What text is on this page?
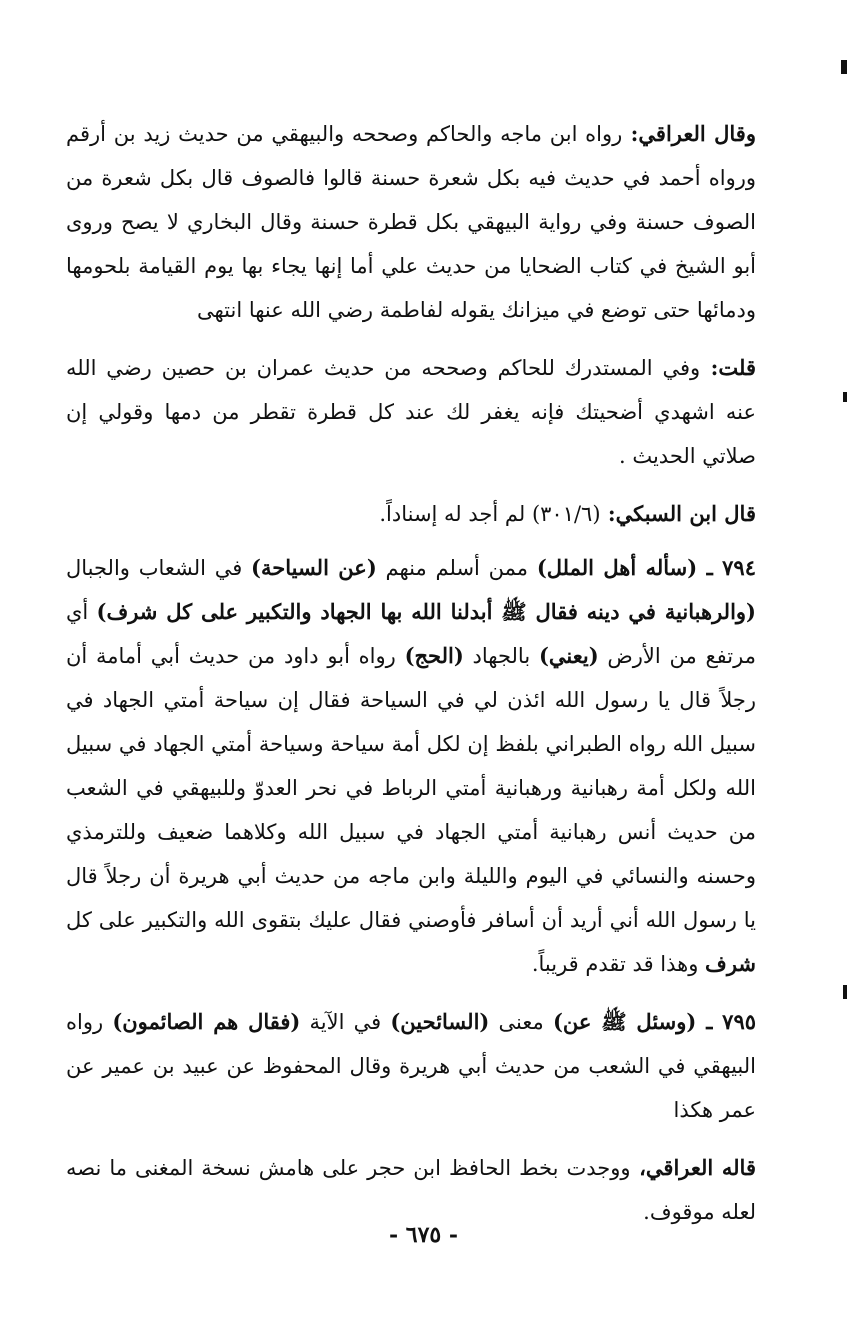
وقال العراقي: رواه ابن ماجه والحاكم وصححه والبيهقي من حديث زيد بن أرقم ورواه أحمد في حديث فيه بكل شعرة حسنة قالوا فالصوف قال بكل شعرة من الصوف حسنة وفي رواية البيهقي بكل قطرة حسنة وقال البخاري لا يصح وروى أبو الشيخ في كتاب الضحايا من حديث علي أما إنها يجاء بها يوم القيامة بلحومها ودمائها حتى توضع في ميزانك يقوله لفاطمة رضي الله عنها انتهى

قلت: وفي المستدرك للحاكم وصححه من حديث عمران بن حصين رضي الله عنه اشهدي أضحيتك فإنه يغفر لك عند كل قطرة تقطر من دمها وقولي إن صلاتي الحديث .

قال ابن السبكي: (٣٠١/٦) لم أجد له إسناداً.

٧٩٤ ـ (سأله أهل الملل) ممن أسلم منهم (عن السياحة) في الشعاب والجبال (والرهبانية في دينه فقال ﷺ أبدلنا الله بها الجهاد والتكبير على كل شرف) أي مرتفع من الأرض (يعني) بالجهاد (الحج) رواه أبو داود من حديث أبي أمامة أن رجلاً قال يا رسول الله ائذن لي في السياحة فقال إن سياحة أمتي الجهاد في سبيل الله رواه الطبراني بلفظ إن لكل أمة سياحة وسياحة أمتي الجهاد في سبيل الله ولكل أمة رهبانية ورهبانية أمتي الرباط في نحر العدوّ وللبيهقي في الشعب من حديث أنس رهبانية أمتي الجهاد في سبيل الله وكلاهما ضعيف وللترمذي وحسنه والنسائي في اليوم والليلة وابن ماجه من حديث أبي هريرة أن رجلاً قال يا رسول الله أني أريد أن أسافر فأوصني فقال عليك بتقوى الله والتكبير على كل شرف وهذا قد تقدم قريباً.

٧٩٥ ـ (وسئل ﷺ عن) معنى (السائحين) في الآية (فقال هم الصائمون) رواه البيهقي في الشعب من حديث أبي هريرة وقال المحفوظ عن عبيد بن عمير عن عمر هكذا

قاله العراقي، ووجدت بخط الحافظ ابن حجر على هامش نسخة المغنى ما نصه لعله موقوف.

- ٦٧٥ -
